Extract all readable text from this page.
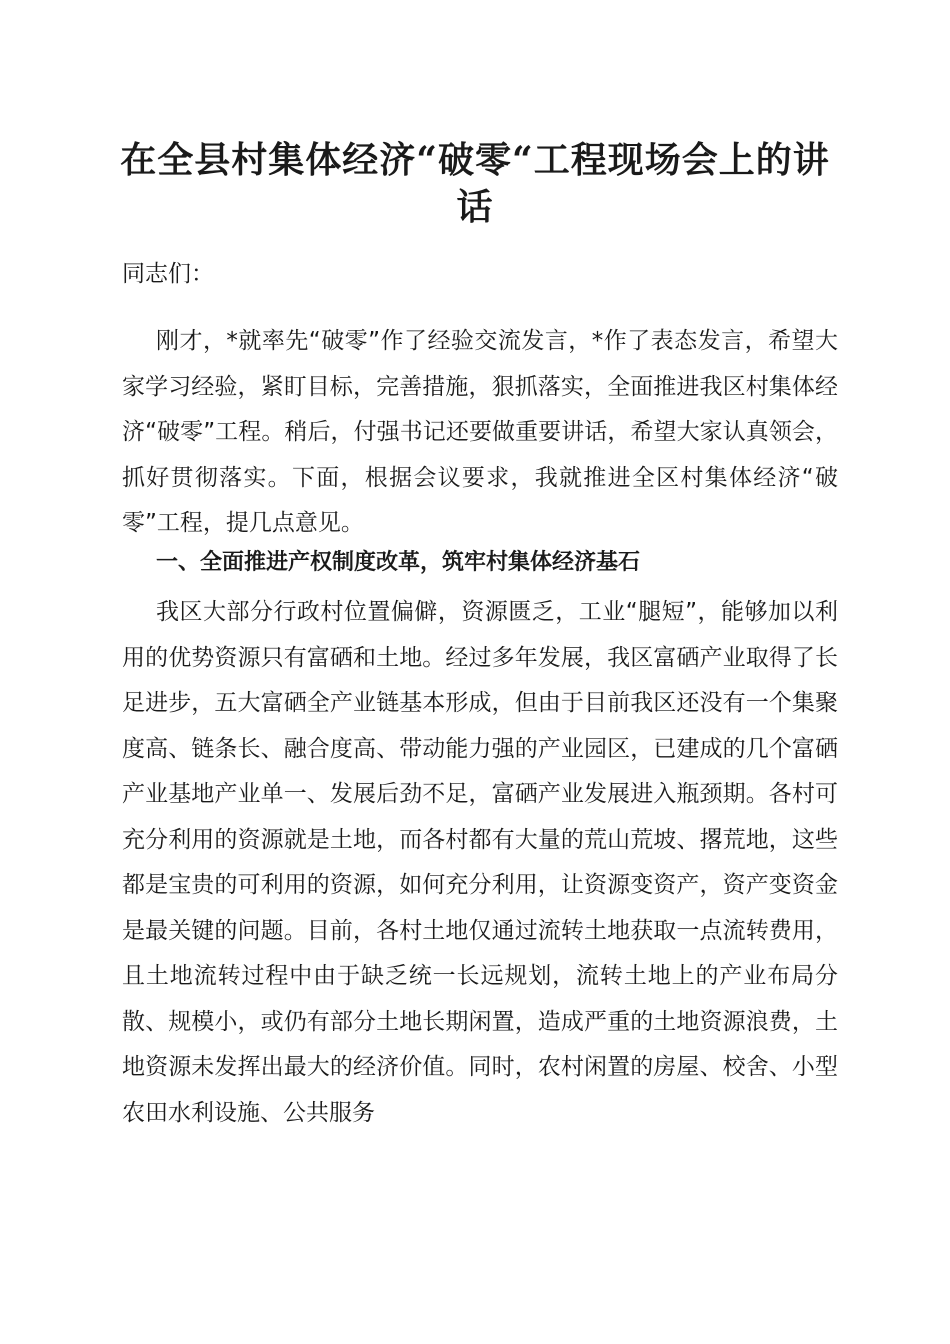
在全县村集体经济“破零“工程现场会上的讲
话

同志们：

刚才，*就率先“破零”作了经验交流发言，*作了表态发言，希望大家学习经验，紧盯目标，完善措施，狠抓落实，全面推进我区村集体经济“破零”工程。稍后，付强书记还要做重要讲话，希望大家认真领会，抓好贯彻落实。下面，根据会议要求，我就推进全区村集体经济“破零”工程，提几点意见。

一、全面推进产权制度改革，筑牢村集体经济基石

我区大部分行政村位置偏僻，资源匮乏，工业“腿短”，能够加以利用的优势资源只有富硒和土地。经过多年发展，我区富硒产业取得了长足进步，五大富硒全产业链基本形成，但由于目前我区还没有一个集聚度高、链条长、融合度高、带动能力强的产业园区，已建成的几个富硒产业基地产业单一、发展后劲不足，富硒产业发展进入瓶颈期。各村可充分利用的资源就是土地，而各村都有大量的荒山荒坡、撂荒地，这些都是宝贵的可利用的资源，如何充分利用，让资源变资产，资产变资金是最关键的问题。目前，各村土地仅通过流转土地获取一点流转费用，且土地流转过程中由于缺乏统一长远规划，流转土地上的产业布局分散、规模小，或仍有部分土地长期闲置，造成严重的土地资源浪费，土地资源未发挥出最大的经济价值。同时，农村闲置的房屋、校舍、小型农田水利设施、公共服务
